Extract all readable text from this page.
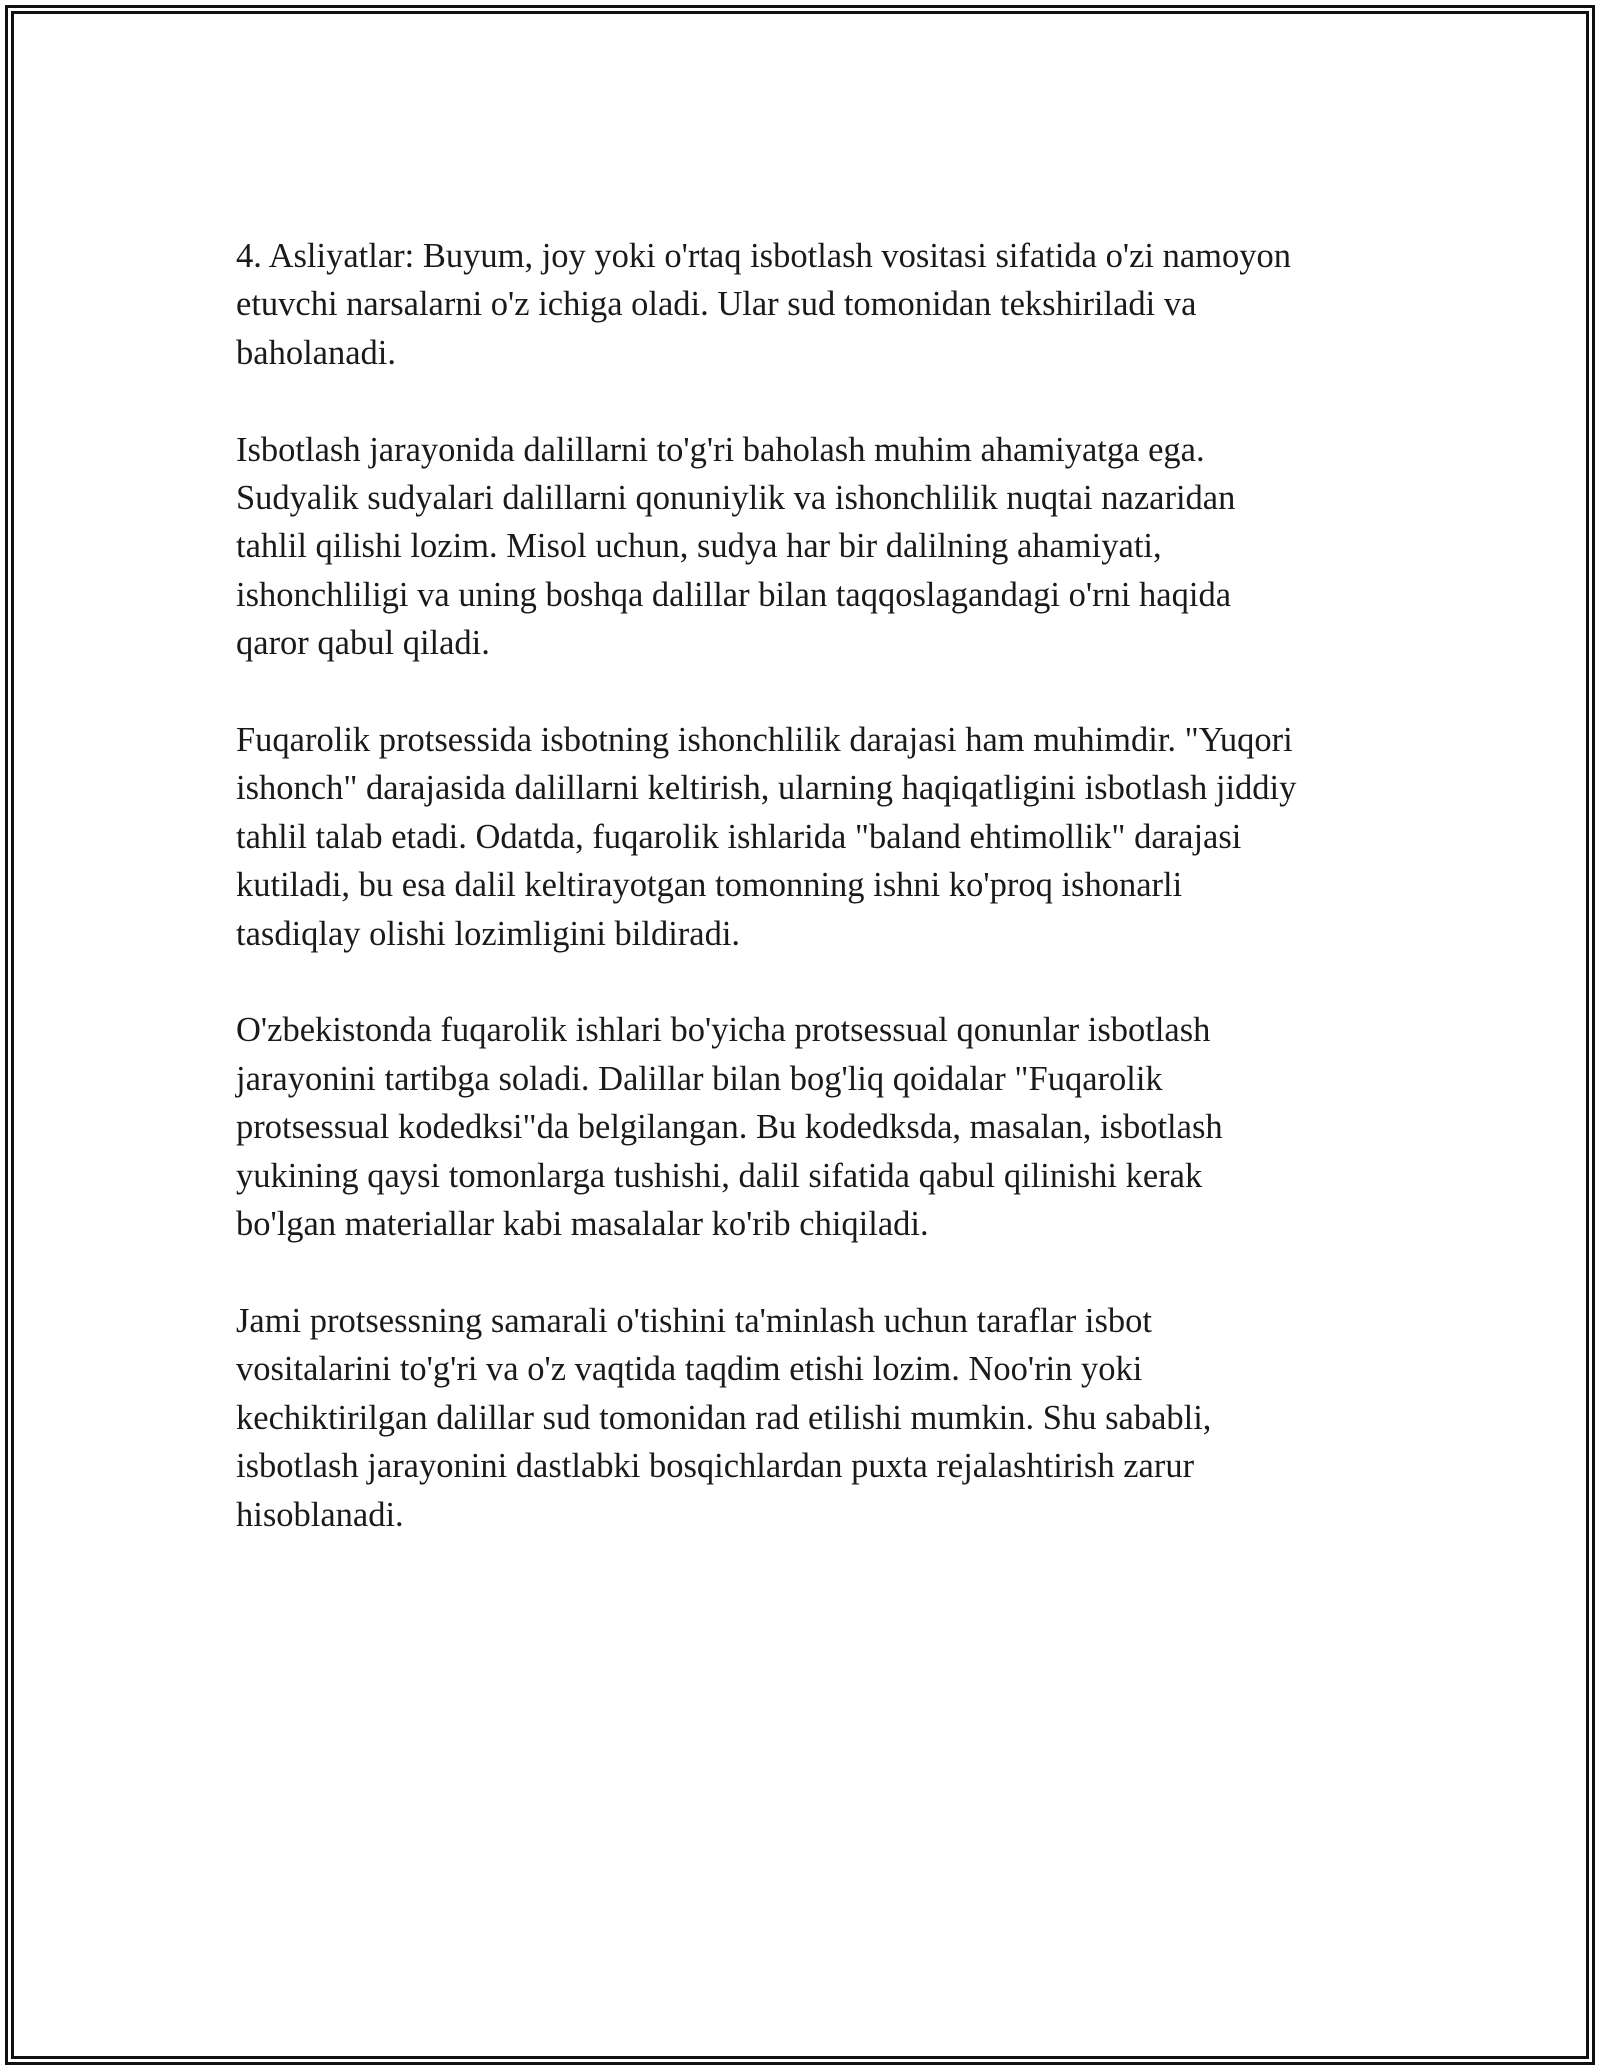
4. Asliyatlar: Buyum, joy yoki o'rtaq isbotlash vositasi sifatida o'zi namoyon
etuvchi narsalarni o'z ichiga oladi. Ular sud tomonidan tekshiriladi va
baholanadi.

Isbotlash jarayonida dalillarni to'g'ri baholash muhim ahamiyatga ega.
Sudyalik sudyalari dalillarni qonuniylik va ishonchlilik nuqtai nazaridan
tahlil qilishi lozim. Misol uchun, sudya har bir dalilning ahamiyati,
ishonchliligi va uning boshqa dalillar bilan taqqoslagandagi o'rni haqida
qaror qabul qiladi.

Fuqarolik protsessida isbotning ishonchlilik darajasi ham muhimdir. "Yuqori
ishonch" darajasida dalillarni keltirish, ularning haqiqatligini isbotlash jiddiy
tahlil talab etadi. Odatda, fuqarolik ishlarida "baland ehtimollik" darajasi
kutiladi, bu esa dalil keltirayotgan tomonning ishni ko'proq ishonarli
tasdiqlay olishi lozimligini bildiradi.

O'zbekistonda fuqarolik ishlari bo'yicha protsessual qonunlar isbotlash
jarayonini tartibga soladi. Dalillar bilan bog'liq qoidalar "Fuqarolik
protsessual kodedksi"da belgilangan. Bu kodedksda, masalan, isbotlash
yukining qaysi tomonlarga tushishi, dalil sifatida qabul qilinishi kerak
bo'lgan materiallar kabi masalalar ko'rib chiqiladi.

Jami protsessning samarali o'tishini ta'minlash uchun taraflar isbot
vositalarini to'g'ri va o'z vaqtida taqdim etishi lozim. Noo'rin yoki
kechiktirilgan dalillar sud tomonidan rad etilishi mumkin. Shu sababli,
isbotlash jarayonini dastlabki bosqichlardan puxta rejalashtirish zarur
hisoblanadi.
